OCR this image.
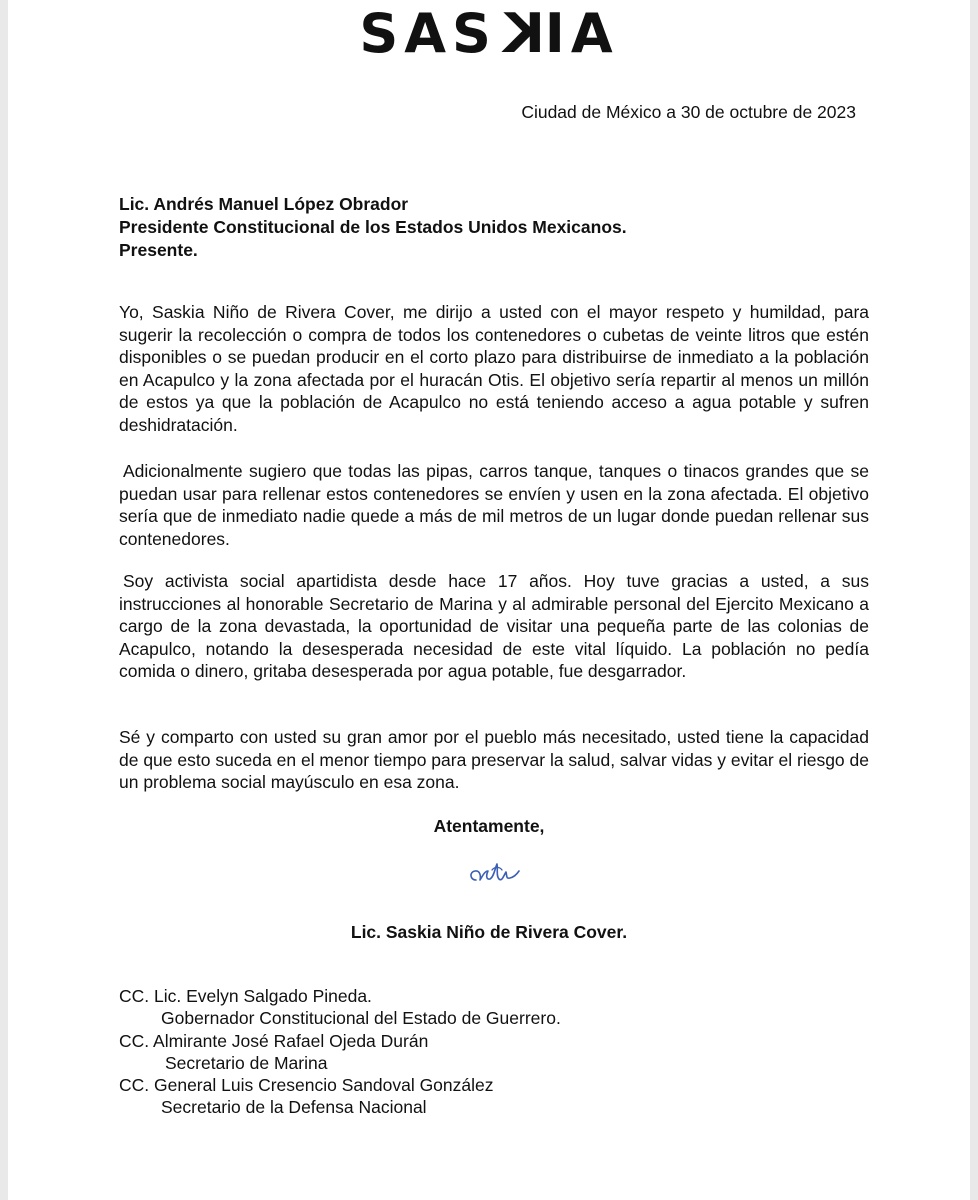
SASKIA
Ciudad de México a 30 de octubre de 2023
Lic. Andrés Manuel López Obrador
Presidente Constitucional de los Estados Unidos Mexicanos.
Presente.

Yo, Saskia Niño de Rivera Cover, me dirijo a usted con el mayor respeto y humildad, para sugerir la recolección o compra de todos los contenedores o cubetas de veinte litros que estén disponibles o se puedan producir en el corto plazo para distribuirse de inmediato a la población en Acapulco y la zona afectada por el huracán Otis. El objetivo sería repartir al menos un millón de estos ya que la población de Acapulco no está teniendo acceso a agua potable y sufren deshidratación.

Adicionalmente sugiero que todas las pipas, carros tanque, tanques o tinacos grandes que se puedan usar para rellenar estos contenedores se envíen y usen en la zona afectada. El objetivo sería que de inmediato nadie quede a más de mil metros de un lugar donde puedan rellenar sus contenedores.

Soy activista social apartidista desde hace 17 años. Hoy tuve gracias a usted, a sus instrucciones al honorable Secretario de Marina y al admirable personal del Ejercito Mexicano a cargo de la zona devastada, la oportunidad de visitar una pequeña parte de las colonias de Acapulco, notando la desesperada necesidad de este vital líquido. La población no pedía comida o dinero, gritaba desesperada por agua potable, fue desgarrador.

Sé y comparto con usted su gran amor por el pueblo más necesitado, usted tiene la capacidad de que esto suceda en el menor tiempo para preservar la salud, salvar vidas y evitar el riesgo de un problema social mayúsculo en esa zona.

Atentamente,
Lic. Saskia Niño de Rivera Cover.
CC. Lic. Evelyn Salgado Pineda.
Gobernador Constitucional del Estado de Guerrero.
CC. Almirante José Rafael Ojeda Durán
Secretario de Marina
CC. General Luis Cresencio Sandoval González
Secretario de la Defensa Nacional
